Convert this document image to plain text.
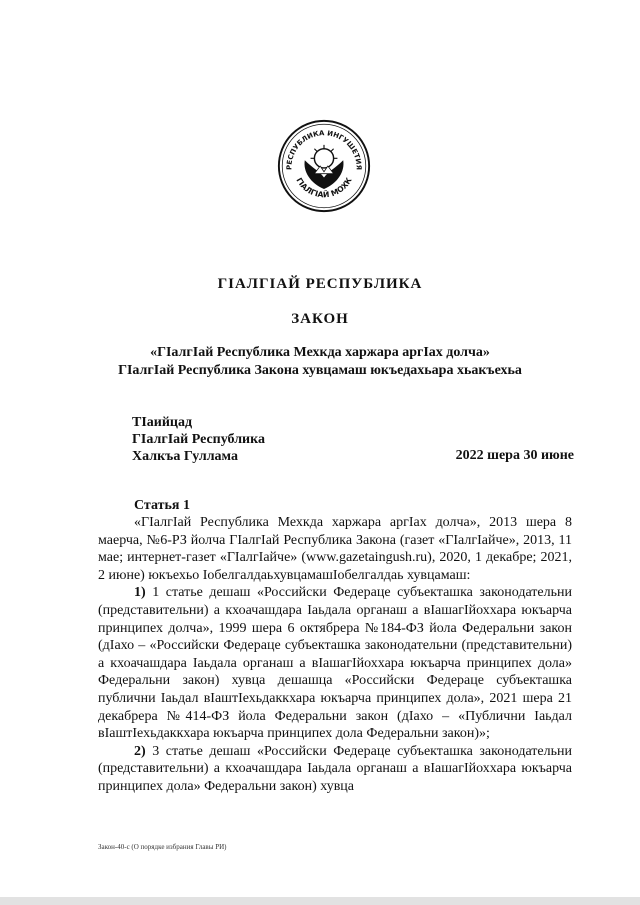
РЕСПУБЛИКА ИНГУШЕТИЯ
ГIАЛГIАЙ МОХК
ГIАЛГIАЙ РЕСПУБЛИКА
ЗАКОН
«ГIалгIай Республика Мехкда харжара аргIах долча»
ГIалгIай Республика Закона хувцамаш юкъедахьара хьакъехьа
ТIаийцад
ГIалгIай Республика
Халкъа Гуллама	2022 шера 30 июне
Статья 1

«ГIалгIай Республика Мехкда харжара аргIах долча», 2013 шера 8 маерча, №6-РЗ йолча ГIалгIай Республика Закона (газет «ГIалгIайче», 2013, 11 мае; интернет-газет «ГIалгIайче» (www.gazetaingush.ru), 2020, 1 декабре; 2021, 2 июне) юкъехьо IобелгалдаьхувцамашIобелгалдаь хувцамаш:

1) 1 статье дешаш «Российски Федераце субъекташка законодательни (представительни) а кхоачашдара Iаьдала органаш а вIашагIйоххара юкъарча принципех долча», 1999 шера 6 октябрера №184-ФЗ йола Федеральни закон (дIахо – «Российски Федераце субъекташка законодательни (представительни) а кхоачашдара Iаьдала органаш а вIашагIйоххара юкъарча принципех дола» Федеральни закон) хувца дешашца «Российски Федераце субъекташка публични Iаьдал вIаштIехьдаккхара юкъарча принципех дола», 2021 шера 21 декабрера №414-ФЗ йола Федеральни закон (дIахо – «Публични Iаьдал вIаштIехьдаккхара юкъарча принципех дола Федеральни закон)»;

2) 3 статье дешаш «Российски Федераце субъекташка законодательни (представительни) а кхоачашдара Iаьдала органаш а вIашагIйоххара юкъарча принципех дола» Федеральни закон) хувца

Закон-40-с (О порядке избрания Главы РИ)
